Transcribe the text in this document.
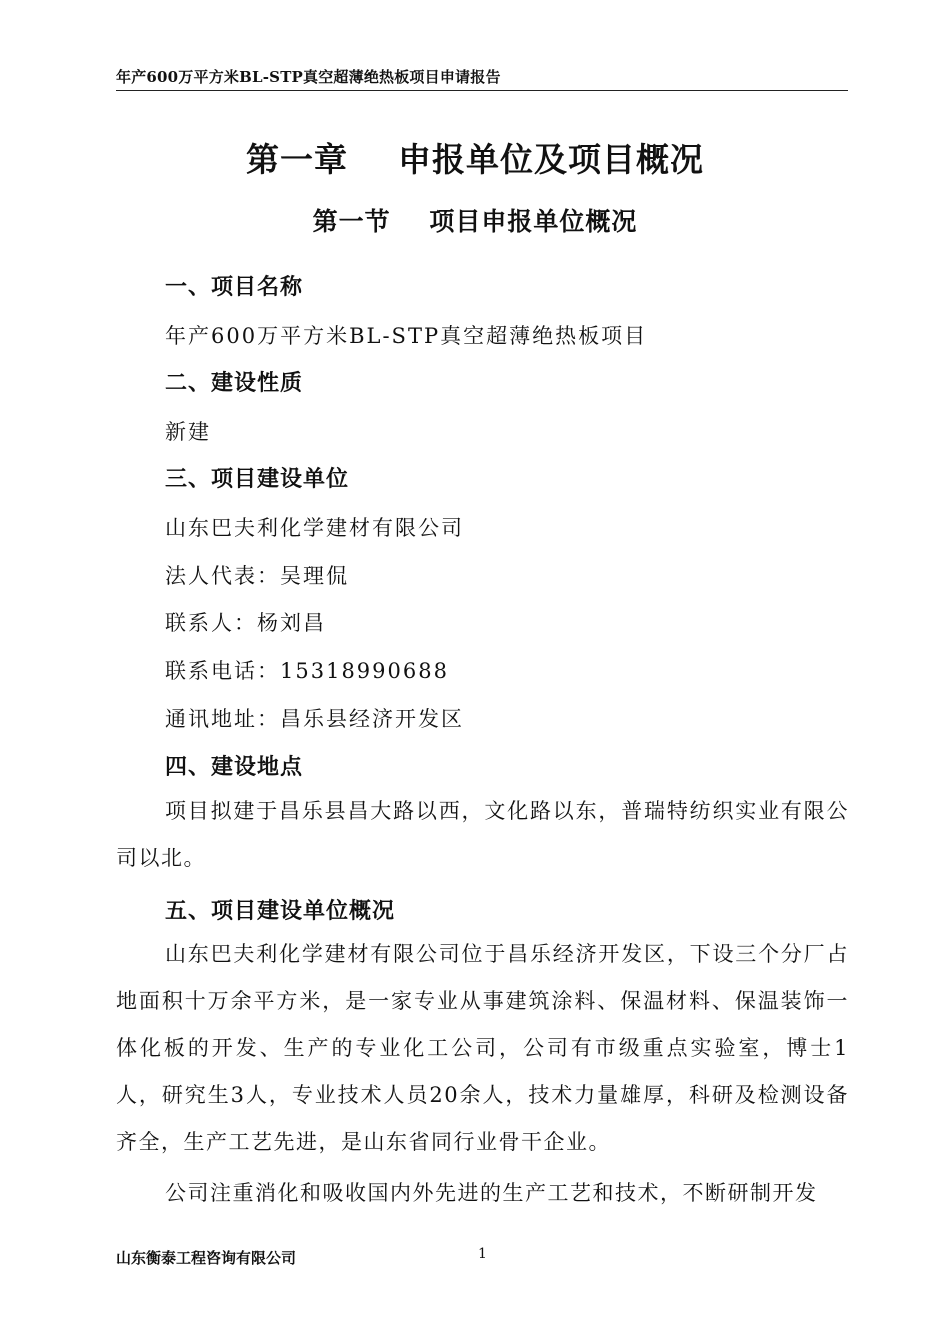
年产600万平方米BL-STP真空超薄绝热板项目申请报告
第一章    申报单位及项目概况
第一节    项目申报单位概况
一、项目名称
年产600万平方米BL-STP真空超薄绝热板项目
二、建设性质
新建
三、项目建设单位
山东巴夫利化学建材有限公司
法人代表：吴理侃
联系人：杨刘昌
联系电话：15318990688
通讯地址：昌乐县经济开发区
四、建设地点
项目拟建于昌乐县昌大路以西，文化路以东，普瑞特纺织实业有限公司以北。
五、项目建设单位概况
山东巴夫利化学建材有限公司位于昌乐经济开发区，下设三个分厂占地面积十万余平方米，是一家专业从事建筑涂料、保温材料、保温装饰一体化板的开发、生产的专业化工公司，公司有市级重点实验室，博士1人，研究生3人，专业技术人员20余人，技术力量雄厚，科研及检测设备齐全，生产工艺先进，是山东省同行业骨干企业。
公司注重消化和吸收国内外先进的生产工艺和技术，不断研制开发
山东衡泰工程咨询有限公司	1
